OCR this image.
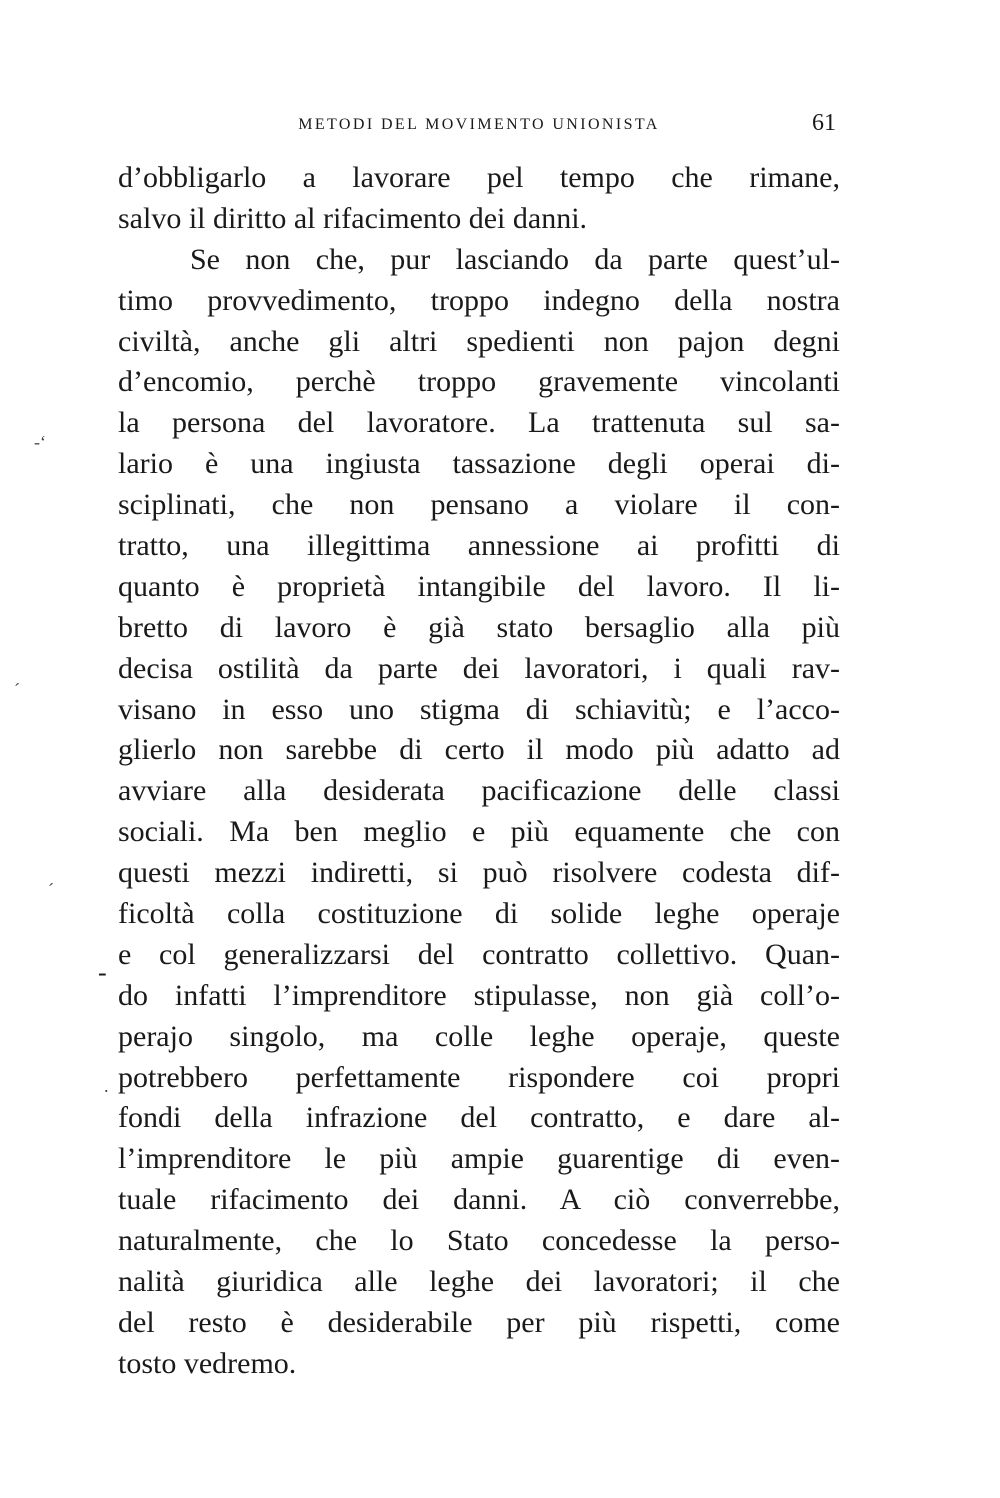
METODI DEL MOVIMENTO UNIONISTA	61
d’obbligarlo a lavorare pel tempo che rimane,
salvo il diritto al rifacimento dei danni.
Se non che, pur lasciando da parte quest’ul-
timo provvedimento, troppo indegno della nostra
civiltà, anche gli altri spedienti non pajon degni
d’encomio, perchè troppo gravemente vincolanti
la persona del lavoratore. La trattenuta sul sa-
lario è una ingiusta tassazione degli operai di-
sciplinati, che non pensano a violare il con-
tratto, una illegittima annessione ai profitti di
quanto è proprietà intangibile del lavoro. Il li-
bretto di lavoro è già stato bersaglio alla più
decisa ostilità da parte dei lavoratori, i quali rav-
visano in esso uno stigma di schiavitù; e l’acco-
glierlo non sarebbe di certo il modo più adatto ad
avviare alla desiderata pacificazione delle classi
sociali. Ma ben meglio e più equamente che con
questi mezzi indiretti, si può risolvere codesta dif-
ficoltà colla costituzione di solide leghe operaje
e col generalizzarsi del contratto collettivo. Quan-
do infatti l’imprenditore stipulasse, non già coll’o-
perajo singolo, ma colle leghe operaje, queste
potrebbero perfettamente rispondere coi propri
fondi della infrazione del contratto, e dare al-
l’imprenditore le più ampie guarentige di even-
tuale rifacimento dei danni. A ciò converrebbe,
naturalmente, che lo Stato concedesse la perso-
nalità giuridica alle leghe dei lavoratori; il che
del resto è desiderabile per più rispetti, come
tosto vedremo.
-‘
ˊ
ˊ
-
.
